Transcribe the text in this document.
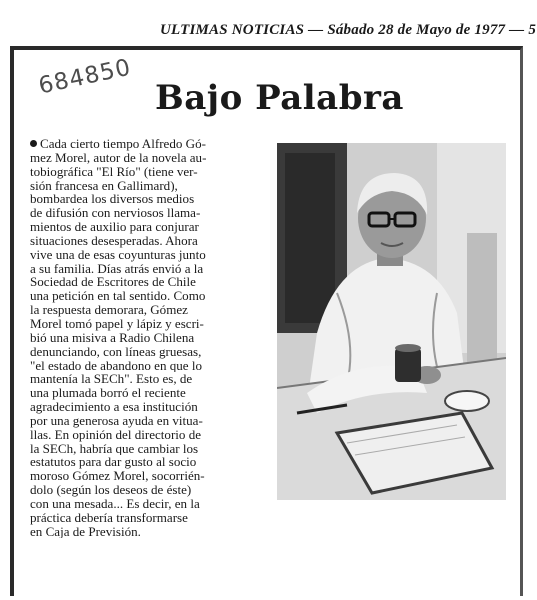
ULTIMAS NOTICIAS — Sábado 28 de Mayo de 1977 — 5
684850 Bajo Palabra
Cada cierto tiempo Alfredo Gó-
mez Morel, autor de la novela au-
tobiográfica "El Río" (tiene ver-
sión francesa en Gallimard),
bombardea los diversos medios
de difusión con nerviosos llama-
mientos de auxilio para conjurar
situaciones desesperadas. Ahora
vive una de esas coyunturas junto
a su familia. Días atrás envió a la
Sociedad de Escritores de Chile
una petición en tal sentido. Como
la respuesta demorara, Gómez
Morel tomó papel y lápiz y escri-
bió una misiva a Radio Chilena
denunciando, con líneas gruesas,
"el estado de abandono en que lo
mantenía la SECh". Esto es, de
una plumada borró el reciente
agradecimiento a esa institución
por una generosa ayuda en vitua-
llas. En opinión del directorio de
la SECh, habría que cambiar los
estatutos para dar gusto al socio
moroso Gómez Morel, socorrién-
dolo (según los deseos de éste)
con una mesada... Es decir, en la
práctica debería transformarse
en Caja de Previsión.
